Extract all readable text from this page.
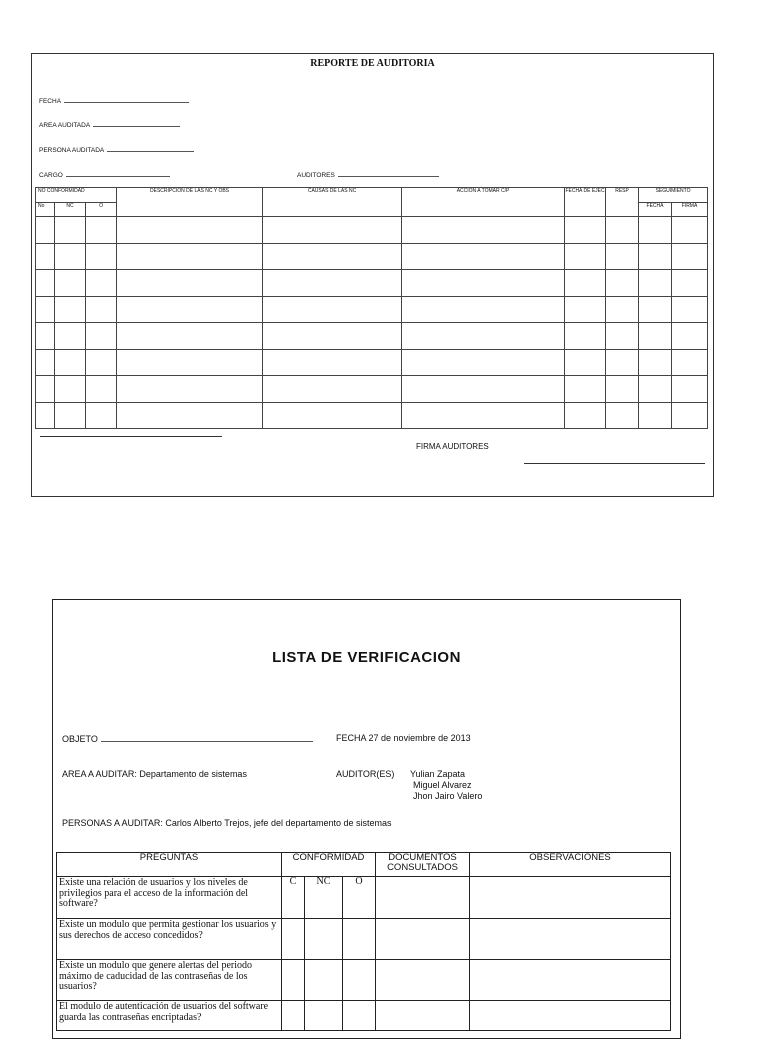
REPORTE DE AUDITORIA
FECHA
AREA AUDITADA
PERSONA AUDITADA
CARGO	AUDITORES
NO CONFORMIDAD			DESCRIPCION DE LAS NC Y OBS	CAUSAS DE LAS NC	ACCION A TOMAR C/P	FECHA DE EJEC	RESP	SEGUIMIENTO	
No	NC	O						FECHA	FIRMA

FIRMA AUDITORES
LISTA DE VERIFICACION
OBJETO	FECHA 27 de noviembre de 2013
AREA A AUDITAR: Departamento de sistemas	AUDITOR(ES) Yulian Zapata
Miguel Alvarez
Jhon Jairo Valero
PERSONAS A AUDITAR: Carlos Alberto Trejos, jefe del departamento de sistemas
PREGUNTAS	CONFORMIDAD			DOCUMENTOS CONSULTADOS	OBSERVACIONES
Existe una relación de usuarios y los niveles de privilegios para el acceso de la información del software?	C	NC	O		

Existe un modulo que permita gestionar los usuarios y sus derechos de acceso concedidos?					
Existe un modulo que genere alertas del periodo máximo de caducidad de las contraseñas de los usuarios?					
El modulo de autenticación de usuarios del software guarda las contraseñas encriptadas?					
